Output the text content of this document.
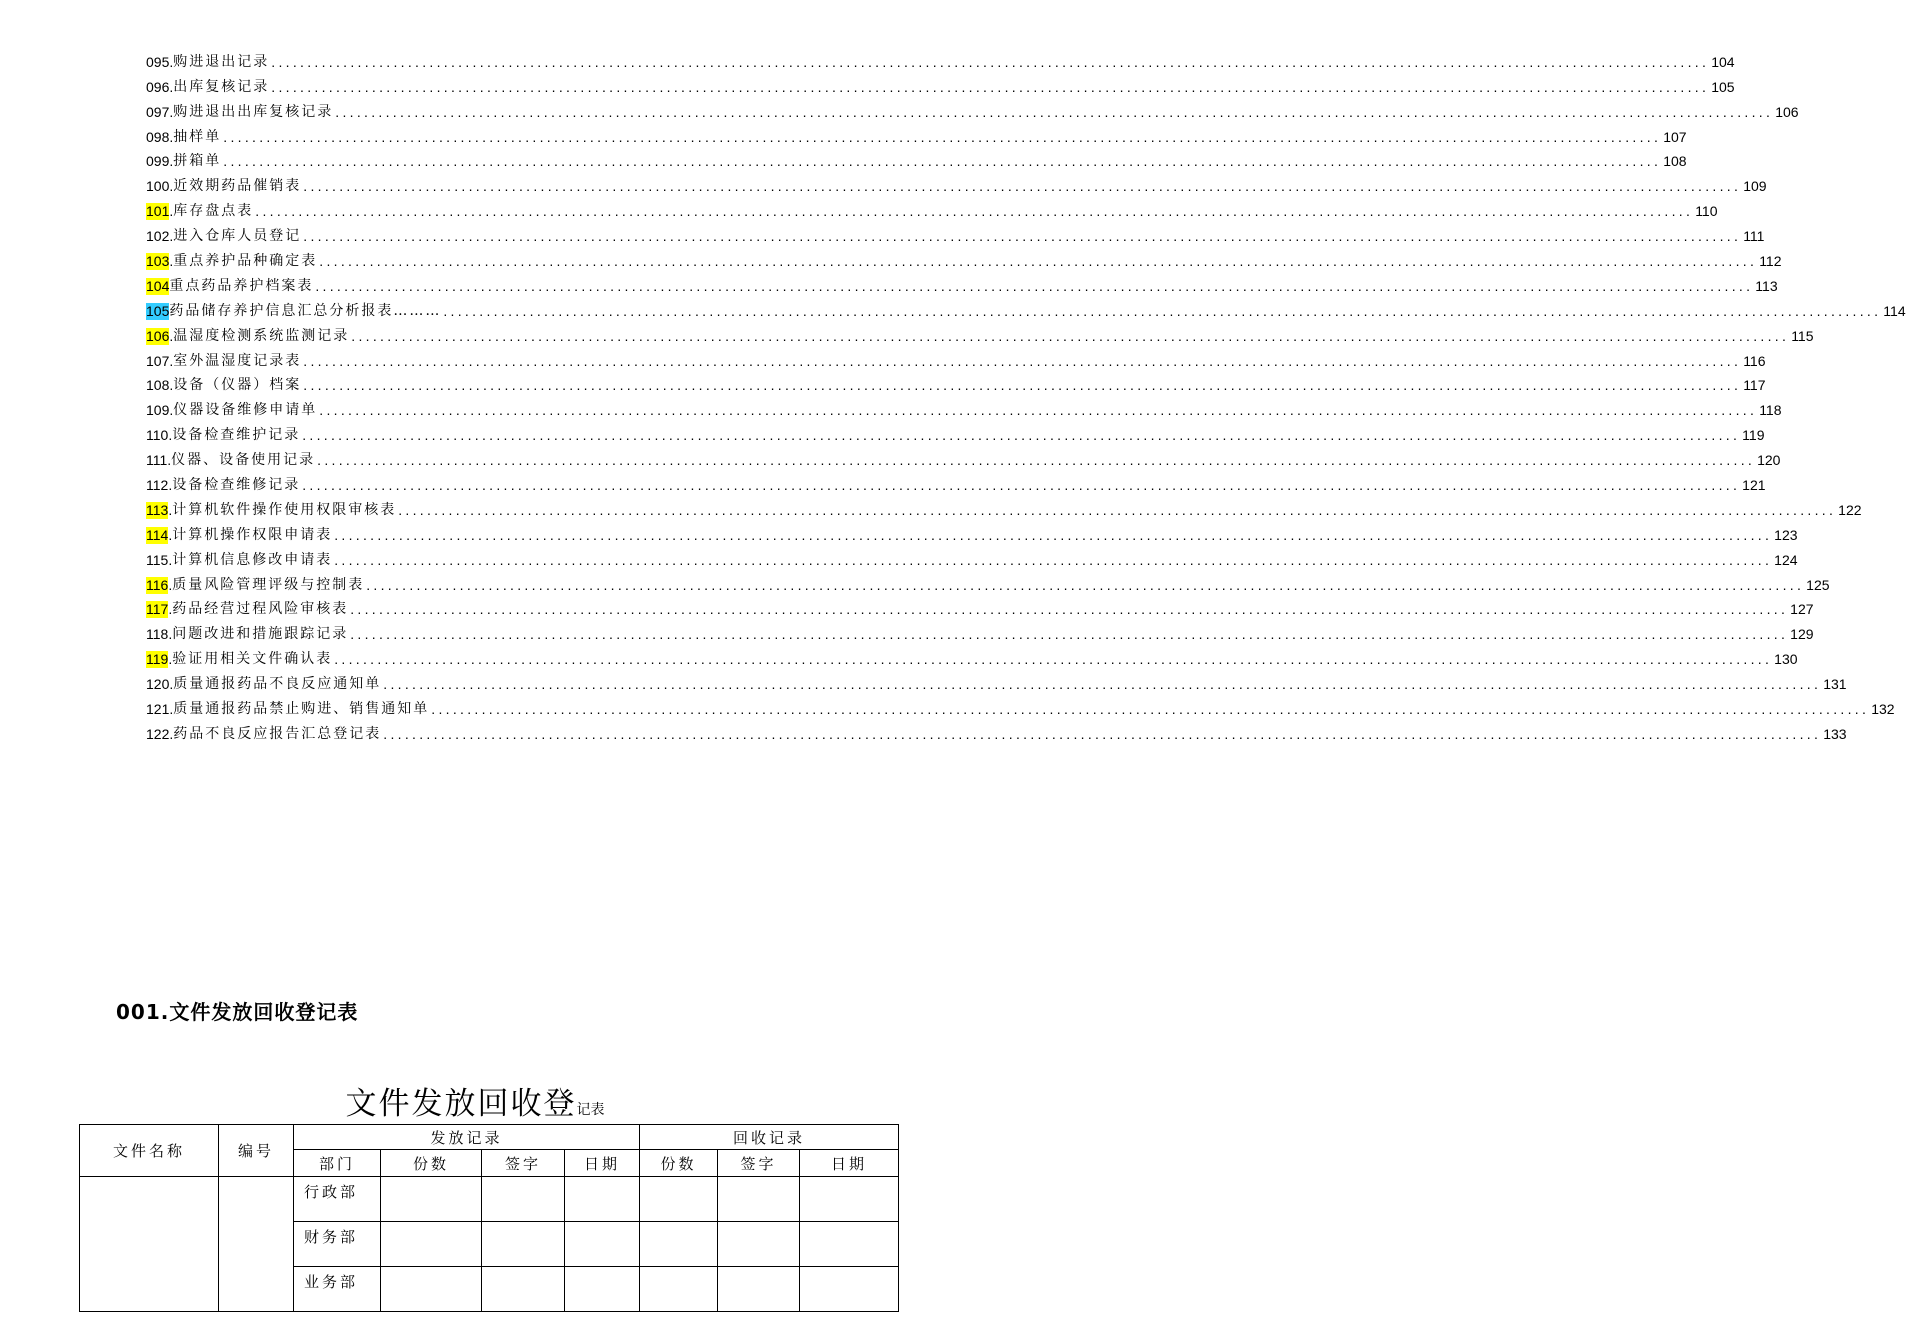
095 . 购进退出记录 ........................................................................................................................................................................................................ 104
096 . 出库复核记录 ........................................................................................................................................................................................................ 105
097 . 购进退出出库复核记录 ........................................................................................................................................................................................................ 106
098 . 抽样单 ........................................................................................................................................................................................................ 107
099 . 拼箱单 ........................................................................................................................................................................................................ 108
100 . 近效期药品催销表 ........................................................................................................................................................................................................ 109
101 . 库存盘点表 ........................................................................................................................................................................................................ 110
102 . 进入仓库人员登记 ........................................................................................................................................................................................................ 111
103 . 重点养护品种确定表 ........................................................................................................................................................................................................ 112
104 重点药品养护档案表 ........................................................................................................................................................................................................ 113
105 药品储存养护信息汇总分析报表……… ........................................................................................................................................................................................................ 114
106 . 温湿度检测系统监测记录 ........................................................................................................................................................................................................ 115
107 . 室外温湿度记录表 ........................................................................................................................................................................................................ 116
108 . 设备（仪器）档案 ........................................................................................................................................................................................................ 117
109 . 仪器设备维修申请单 ........................................................................................................................................................................................................ 118
110 . 设备检查维护记录 ........................................................................................................................................................................................................ 119
111 . 仪器、设备使用记录 ........................................................................................................................................................................................................ 120
112 . 设备检查维修记录 ........................................................................................................................................................................................................ 121
113 . 计算机软件操作使用权限审核表 ........................................................................................................................................................................................................ 122
114 . 计算机操作权限申请表 ........................................................................................................................................................................................................ 123
115 . 计算机信息修改申请表 ........................................................................................................................................................................................................ 124
116 . 质量风险管理评级与控制表 ........................................................................................................................................................................................................ 125
117 . 药品经营过程风险审核表 ........................................................................................................................................................................................................ 127
118 . 问题改进和措施跟踪记录 ........................................................................................................................................................................................................ 129
119 . 验证用相关文件确认表 ........................................................................................................................................................................................................ 130
120 . 质量通报药品不良反应通知单 ........................................................................................................................................................................................................ 131
121 . 质量通报药品禁止购进、销售通知单 ........................................................................................................................................................................................................ 132
122 . 药品不良反应报告汇总登记表 ........................................................................................................................................................................................................ 133
001.文件发放回收登记表
文件发放回收登记表
文件名称	编号	发放记录				回收记录		
		部门	份数	签字	日期	份数	签字	日期
		行政部						
		财务部						
		业务部						
